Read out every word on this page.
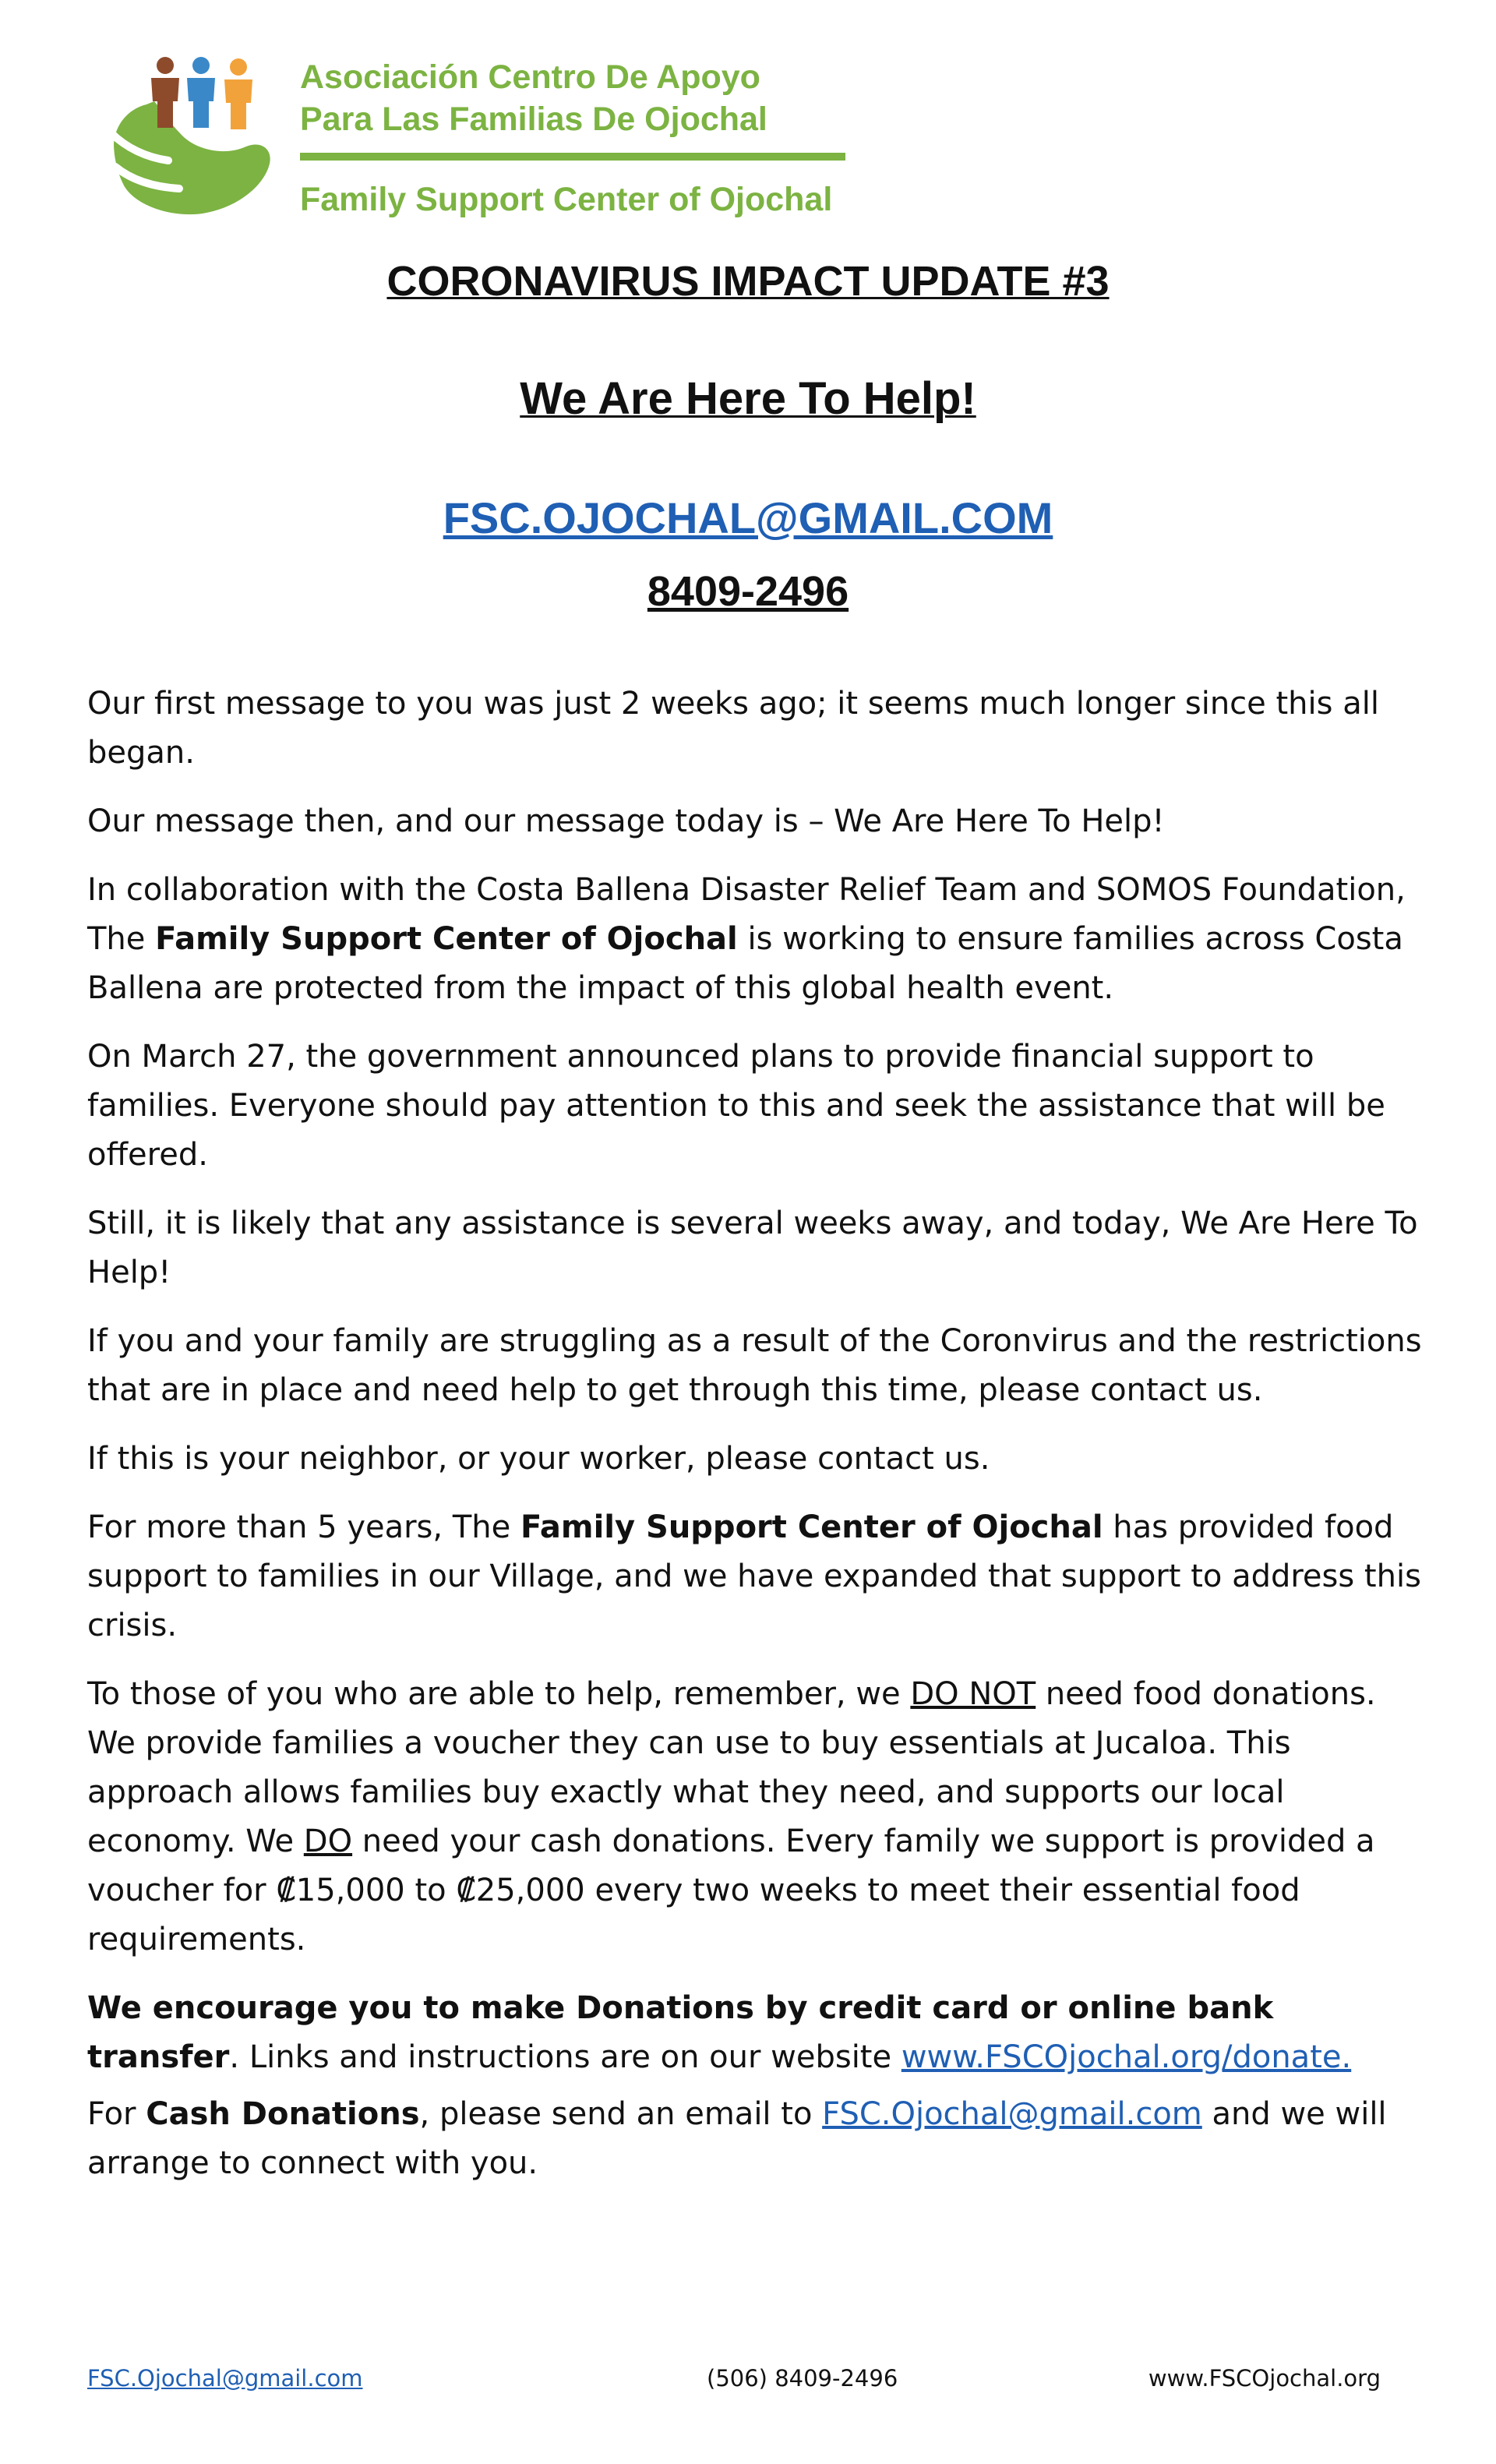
Asociación Centro De Apoyo
Para Las Familias De Ojochal
Family Support Center of Ojochal
CORONAVIRUS IMPACT UPDATE #3
We Are Here To Help!
FSC.OJOCHAL@GMAIL.COM
8409-2496

Our first message to you was just 2 weeks ago; it seems much longer since this all began.

Our message then, and our message today is – We Are Here To Help!

In collaboration with the Costa Ballena Disaster Relief Team and SOMOS Foundation, The Family Support Center of Ojochal is working to ensure families across Costa Ballena are protected from the impact of this global health event.

On March 27, the government announced plans to provide financial support to families. Everyone should pay attention to this and seek the assistance that will be offered.

Still, it is likely that any assistance is several weeks away, and today, We Are Here To Help!

If you and your family are struggling as a result of the Coronvirus and the restrictions that are in place and need help to get through this time, please contact us.

If this is your neighbor, or your worker, please contact us.

For more than 5 years, The Family Support Center of Ojochal has provided food support to families in our Village, and we have expanded that support to address this crisis.

To those of you who are able to help, remember, we DO NOT need food donations. We provide families a voucher they can use to buy essentials at Jucaloa. This approach allows families buy exactly what they need, and supports our local economy. We DO need your cash donations. Every family we support is provided a voucher for ₡15,000 to ₡25,000 every two weeks to meet their essential food requirements.

We encourage you to make Donations by credit card or online bank transfer. Links and instructions are on our website www.FSCOjochal.org/donate.

For Cash Donations, please send an email to FSC.Ojochal@gmail.com and we will arrange to connect with you.

FSC.Ojochal@gmail.com	(506) 8409-2496	www.FSCOjochal.org
